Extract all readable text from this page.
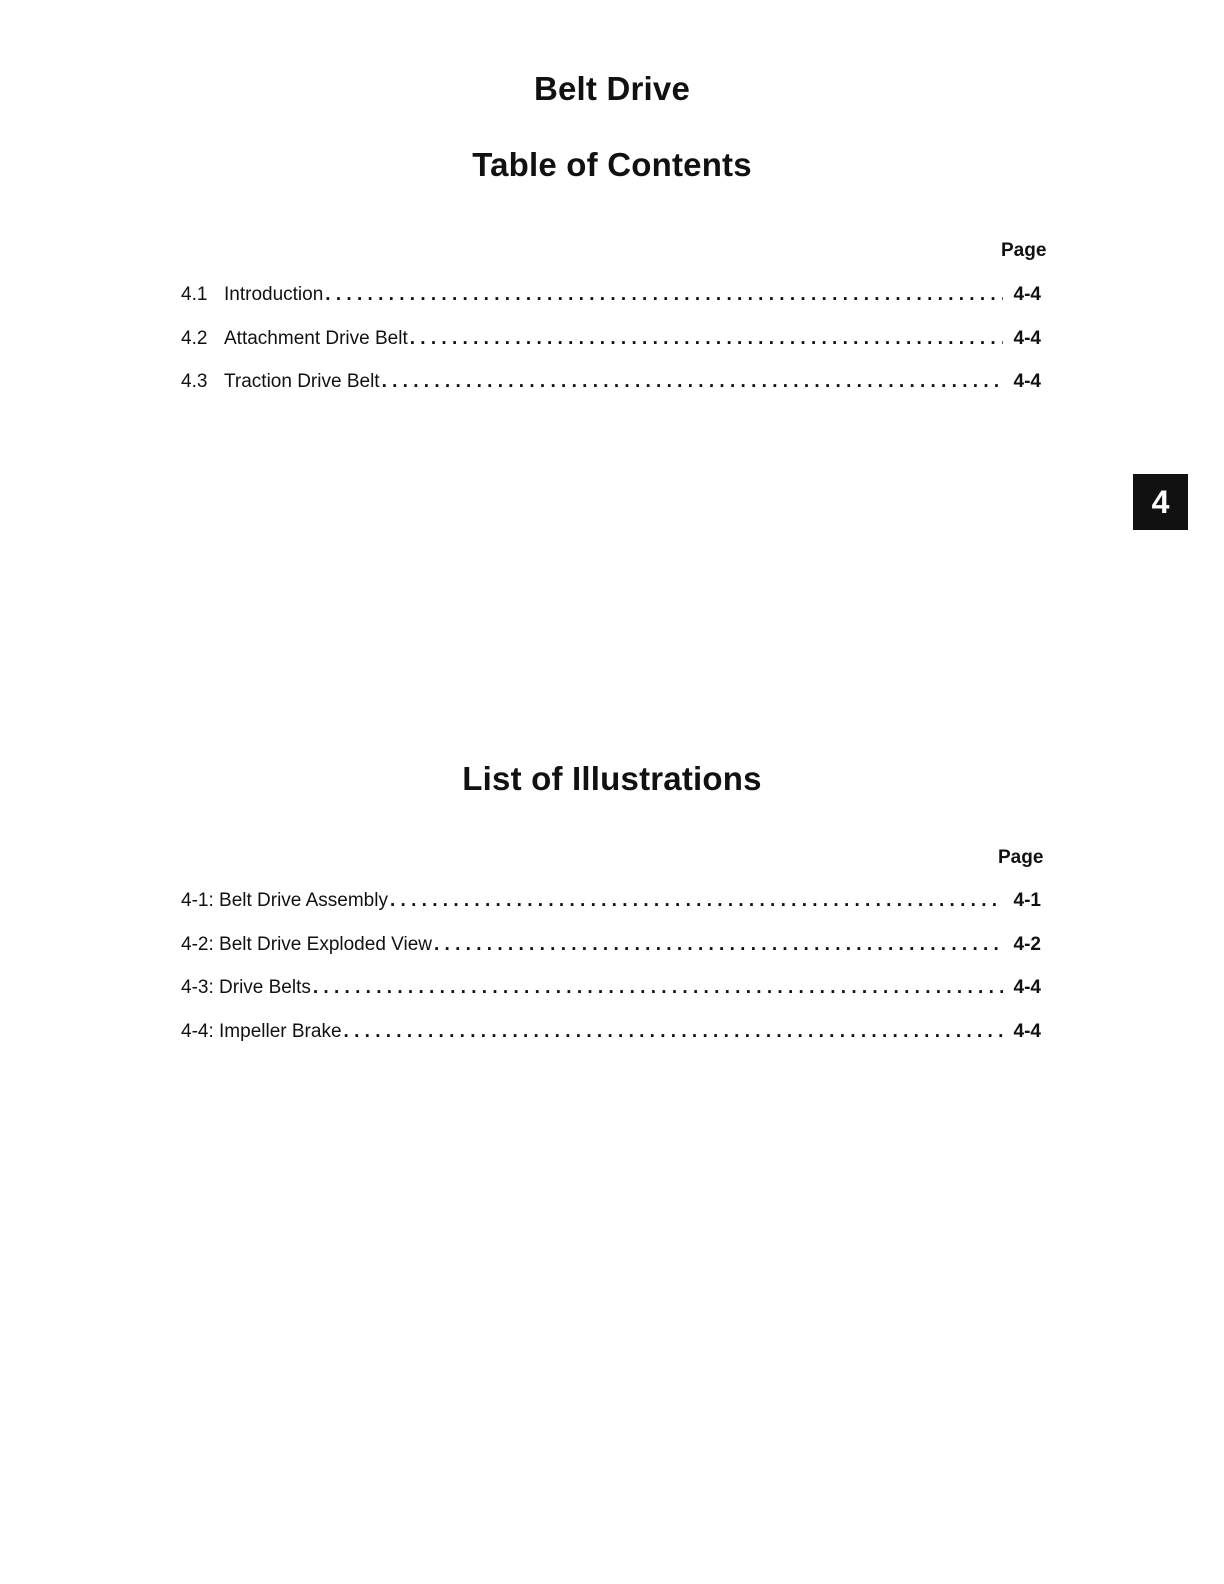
Belt Drive
Table of Contents
Page
4.1 Introduction . . .	4-4
4.2 Attachment Drive Belt . . .	4-4
4.3 Traction Drive Belt . . .	4-4
4
List of Illustrations
Page
4-1: Belt Drive Assembly . . .	4-1
4-2: Belt Drive Exploded View . . .	4-2
4-3: Drive Belts . . .	4-4
4-4: Impeller Brake . . .	4-4
